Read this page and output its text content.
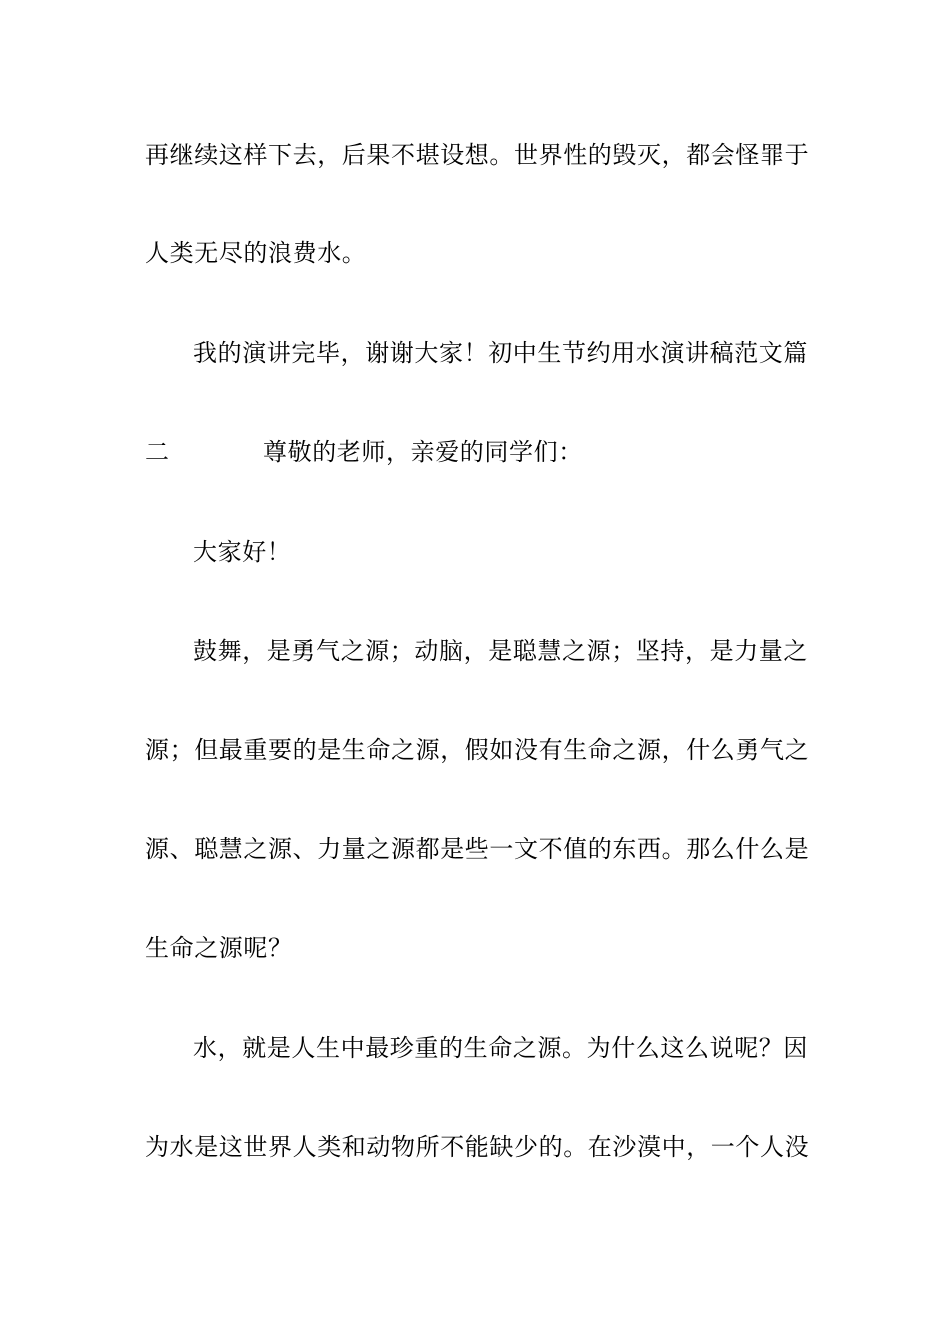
再继续这样下去，后果不堪设想。世界性的毁灭，都会怪罪于
人类无尽的浪费水。
我的演讲完毕，谢谢大家！初中生节约用水演讲稿范文篇
二	尊敬的老师，亲爱的同学们：
大家好！
鼓舞，是勇气之源；动脑，是聪慧之源；坚持，是力量之
源；但最重要的是生命之源，假如没有生命之源，什么勇气之
源、聪慧之源、力量之源都是些一文不值的东西。那么什么是
生命之源呢？
水，就是人生中最珍重的生命之源。为什么这么说呢？因
为水是这世界人类和动物所不能缺少的。在沙漠中，一个人没
